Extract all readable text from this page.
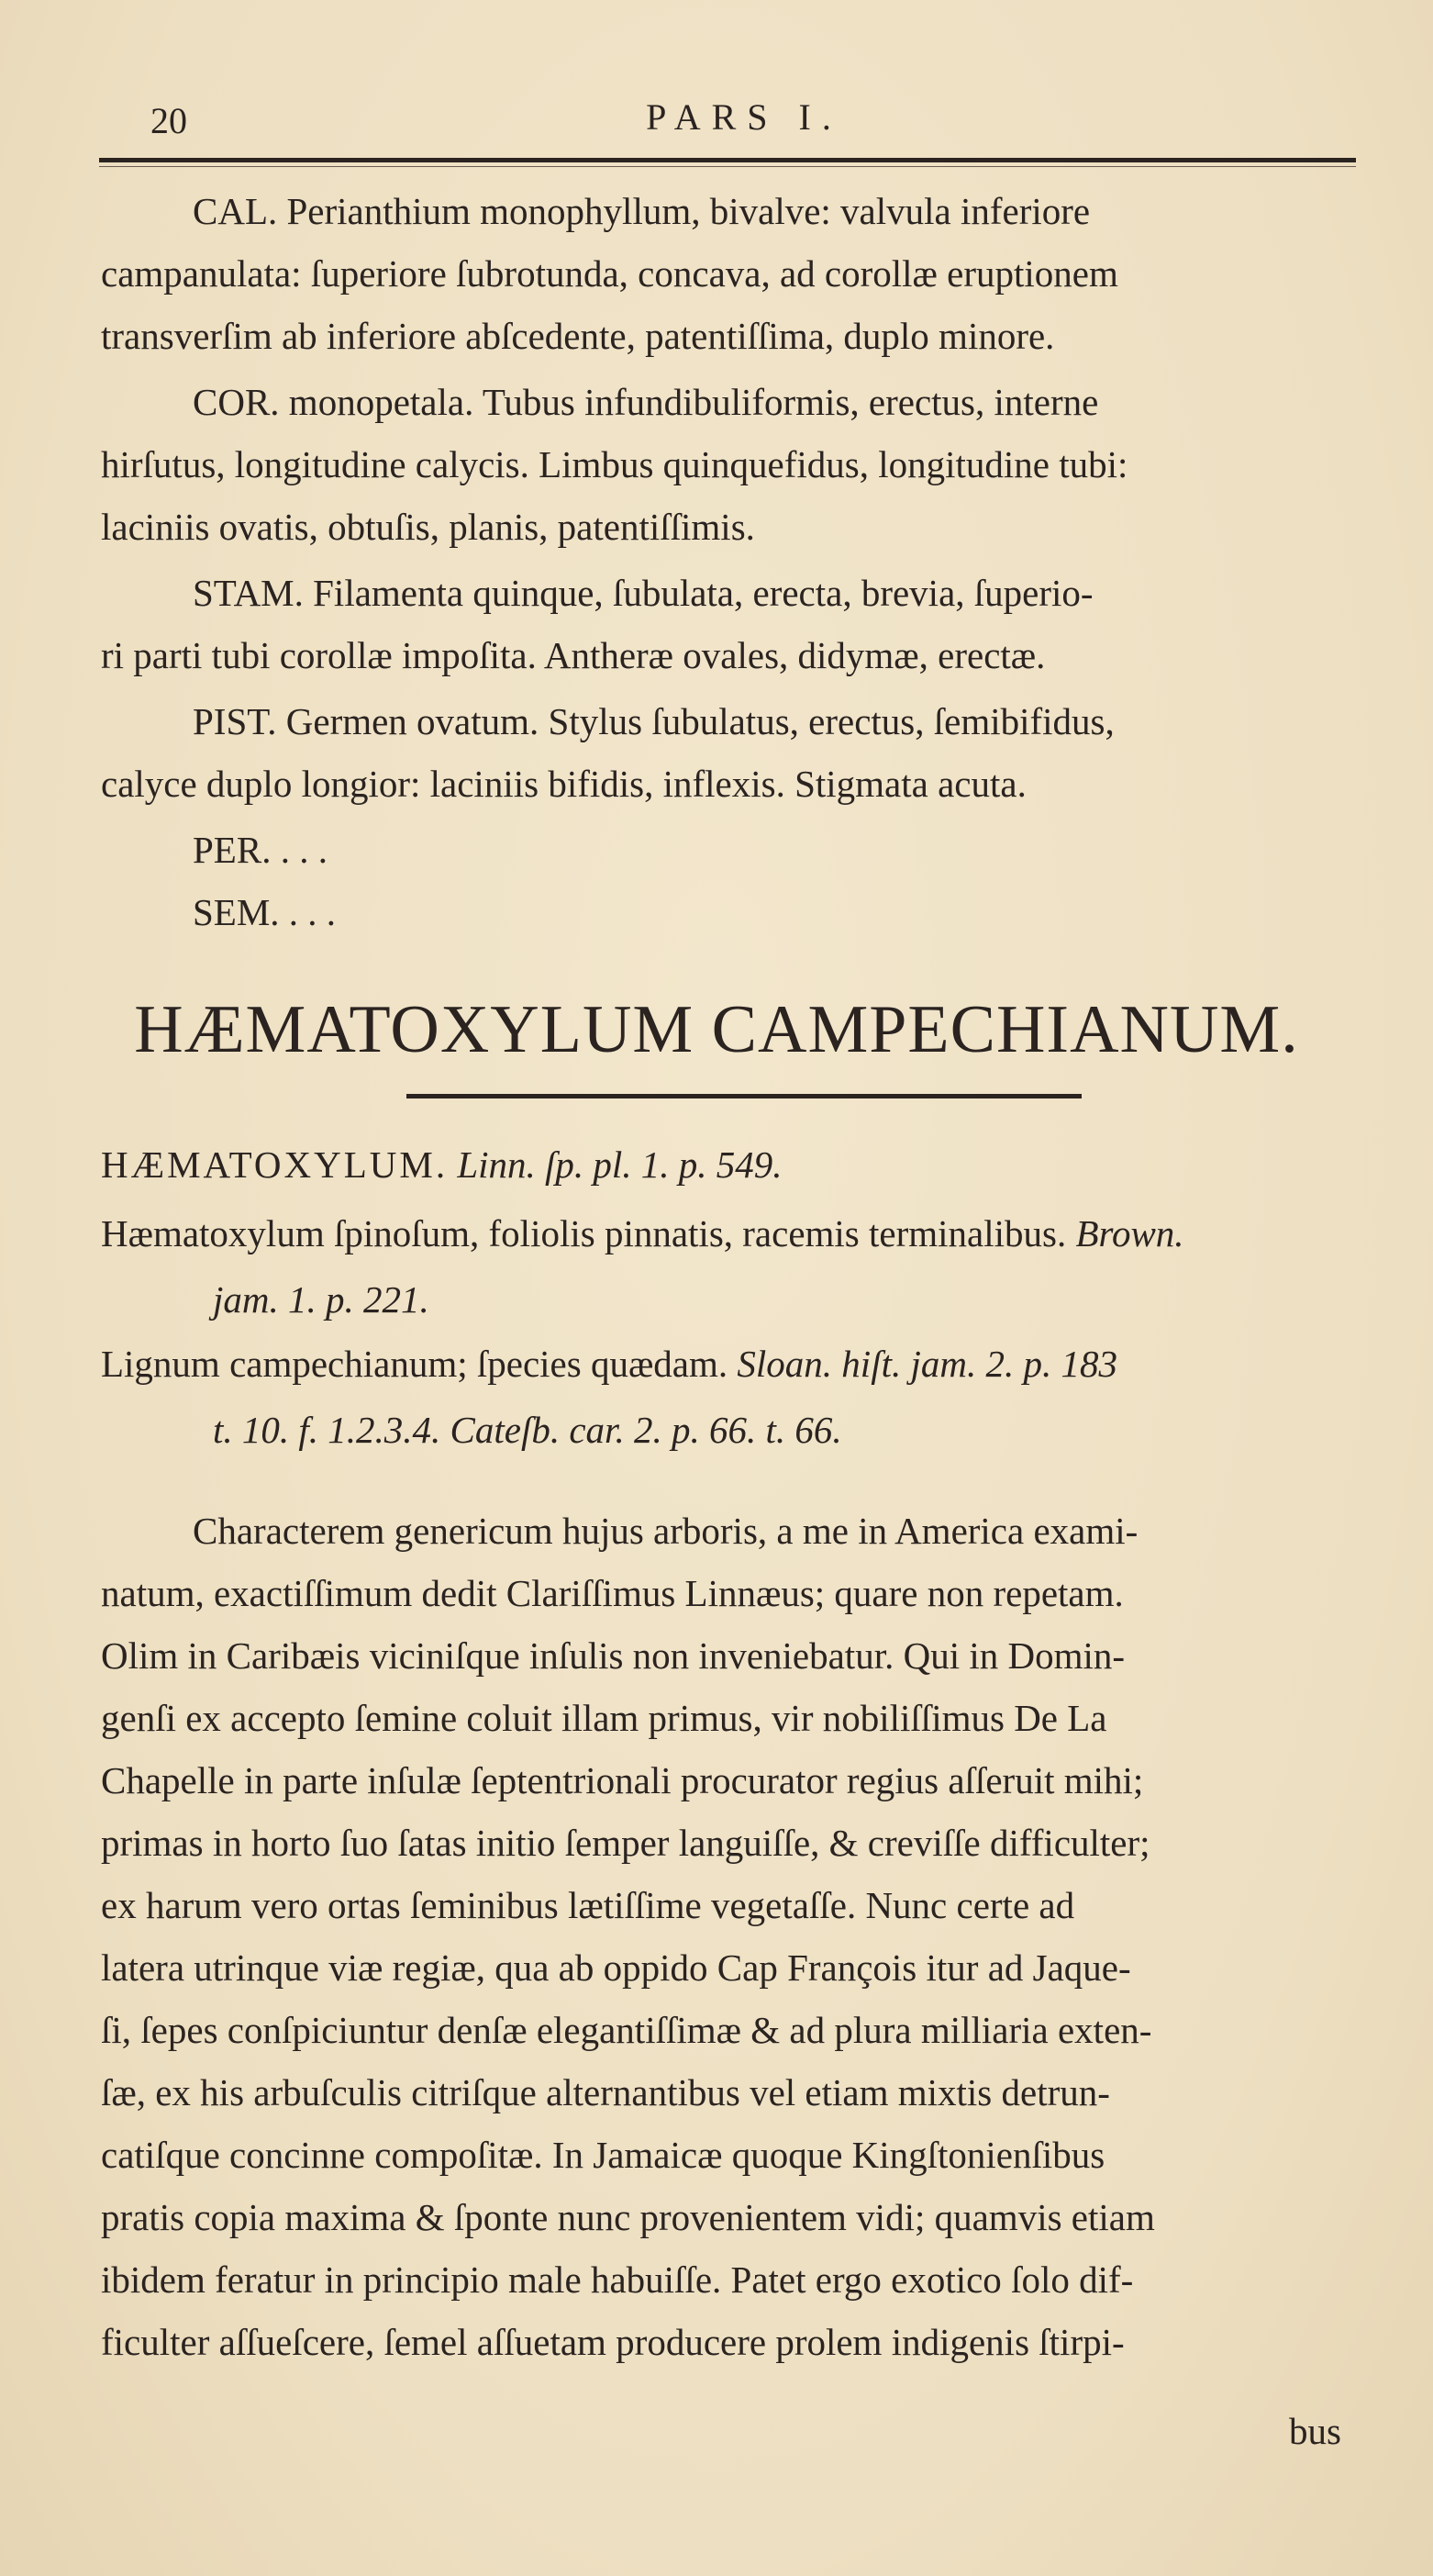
20	PARS I.
CAL. Perianthium monophyllum, bivalve: valvula inferiore
campanulata: ſuperiore ſubrotunda, concava, ad corollæ eruptionem
transverſim ab inferiore abſcedente, patentiſſima, duplo minore.
COR. monopetala. Tubus infundibuliformis, erectus, interne
hirſutus, longitudine calycis. Limbus quinquefidus, longitudine tubi:
laciniis ovatis, obtuſis, planis, patentiſſimis.
STAM. Filamenta quinque, ſubulata, erecta, brevia, ſuperio-
ri parti tubi corollæ impoſita. Antheræ ovales, didymæ, erectæ.
PIST. Germen ovatum. Stylus ſubulatus, erectus, ſemibifidus,
calyce duplo longior: laciniis bifidis, inflexis. Stigmata acuta.
PER. . . .
SEM. . . .
HÆMATOXYLUM CAMPECHIANUM.
HÆMATOXYLUM. Linn. ſp. pl. 1. p. 549.
Hæmatoxylum ſpinoſum, foliolis pinnatis, racemis terminalibus. Brown.
jam. 1. p. 221.
Lignum campechianum; ſpecies quædam. Sloan. hiſt. jam. 2. p. 183
t. 10. f. 1.2.3.4. Cateſb. car. 2. p. 66. t. 66.
Characterem genericum hujus arboris, a me in America exami-
natum, exactiſſimum dedit Clariſſimus Linnæus; quare non repetam.
Olim in Caribæis viciniſque inſulis non inveniebatur. Qui in Domin-
genſi ex accepto ſemine coluit illam primus, vir nobiliſſimus De La
Chapelle in parte inſulæ ſeptentrionali procurator regius aſſeruit mihi;
primas in horto ſuo ſatas initio ſemper languiſſe, & creviſſe difficulter;
ex harum vero ortas ſeminibus lætiſſime vegetaſſe. Nunc certe ad
latera utrinque viæ regiæ, qua ab oppido Cap François itur ad Jaque-
ſi, ſepes conſpiciuntur denſæ elegantiſſimæ & ad plura milliaria exten-
ſæ, ex his arbuſculis citriſque alternantibus vel etiam mixtis detrun-
catiſque concinne compoſitæ. In Jamaicæ quoque Kingſtonienſibus
pratis copia maxima & ſponte nunc provenientem vidi; quamvis etiam
ibidem feratur in principio male habuiſſe. Patet ergo exotico ſolo dif-
ficulter aſſueſcere, ſemel aſſuetam producere prolem indigenis ſtirpi-
bus
